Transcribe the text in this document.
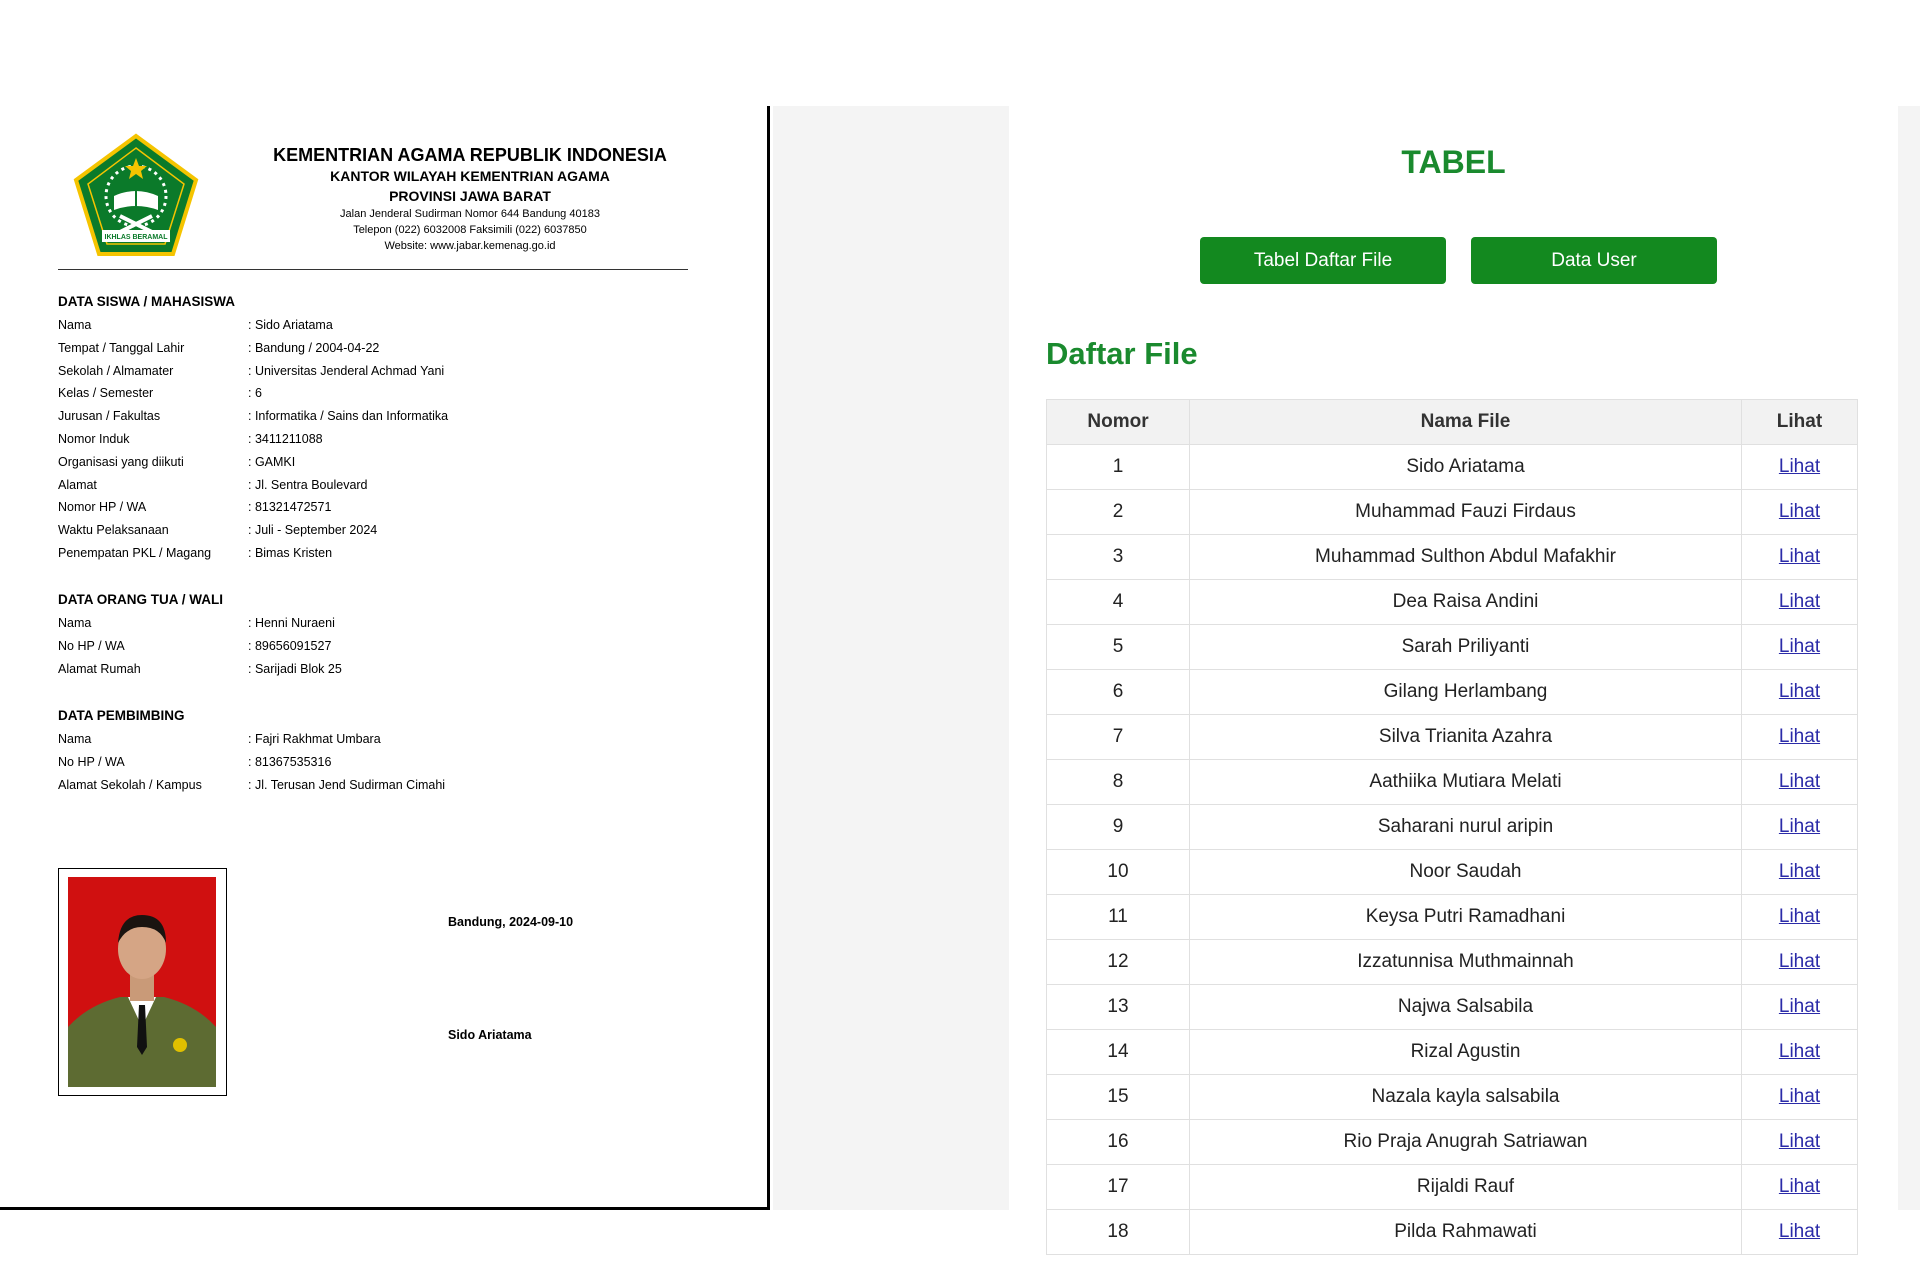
IKHLAS BERAMAL
KEMENTRIAN AGAMA REPUBLIK INDONESIA
KANTOR WILAYAH KEMENTRIAN AGAMA
PROVINSI JAWA BARAT
Jalan Jenderal Sudirman Nomor 644 Bandung 40183
Telepon (022) 6032008 Faksimili (022) 6037850
Website: www.jabar.kemenag.go.id
DATA SISWA / MAHASISWA
Nama	: Sido Ariatama
Tempat / Tanggal Lahir	: Bandung / 2004-04-22
Sekolah / Almamater	: Universitas Jenderal Achmad Yani
Kelas / Semester	: 6
Jurusan / Fakultas	: Informatika / Sains dan Informatika
Nomor Induk	: 3411211088
Organisasi yang diikuti	: GAMKI
Alamat	: Jl. Sentra Boulevard
Nomor HP / WA	: 81321472571
Waktu Pelaksanaan	: Juli - September 2024
Penempatan PKL / Magang	: Bimas Kristen
DATA ORANG TUA / WALI
Nama	: Henni Nuraeni
No HP / WA	: 89656091527
Alamat Rumah	: Sarijadi Blok 25
DATA PEMBIMBING
Nama	: Fajri Rakhmat Umbara
No HP / WA	: 81367535316
Alamat Sekolah / Kampus	: Jl. Terusan Jend Sudirman Cimahi
Bandung, 2024-09-10
Sido Ariatama
TABEL
Tabel Daftar File	Data User
Daftar File
Nomor	Nama File	Lihat
1	Sido Ariatama	Lihat
2	Muhammad Fauzi Firdaus	Lihat
3	Muhammad Sulthon Abdul Mafakhir	Lihat
4	Dea Raisa Andini	Lihat
5	Sarah Priliyanti	Lihat
6	Gilang Herlambang	Lihat
7	Silva Trianita Azahra	Lihat
8	Aathiika Mutiara Melati	Lihat
9	Saharani nurul aripin	Lihat
10	Noor Saudah	Lihat
11	Keysa Putri Ramadhani	Lihat
12	Izzatunnisa Muthmainnah	Lihat
13	Najwa Salsabila	Lihat
14	Rizal Agustin	Lihat
15	Nazala kayla salsabila	Lihat
16	Rio Praja Anugrah Satriawan	Lihat
17	Rijaldi Rauf	Lihat
18	Pilda Rahmawati	Lihat
